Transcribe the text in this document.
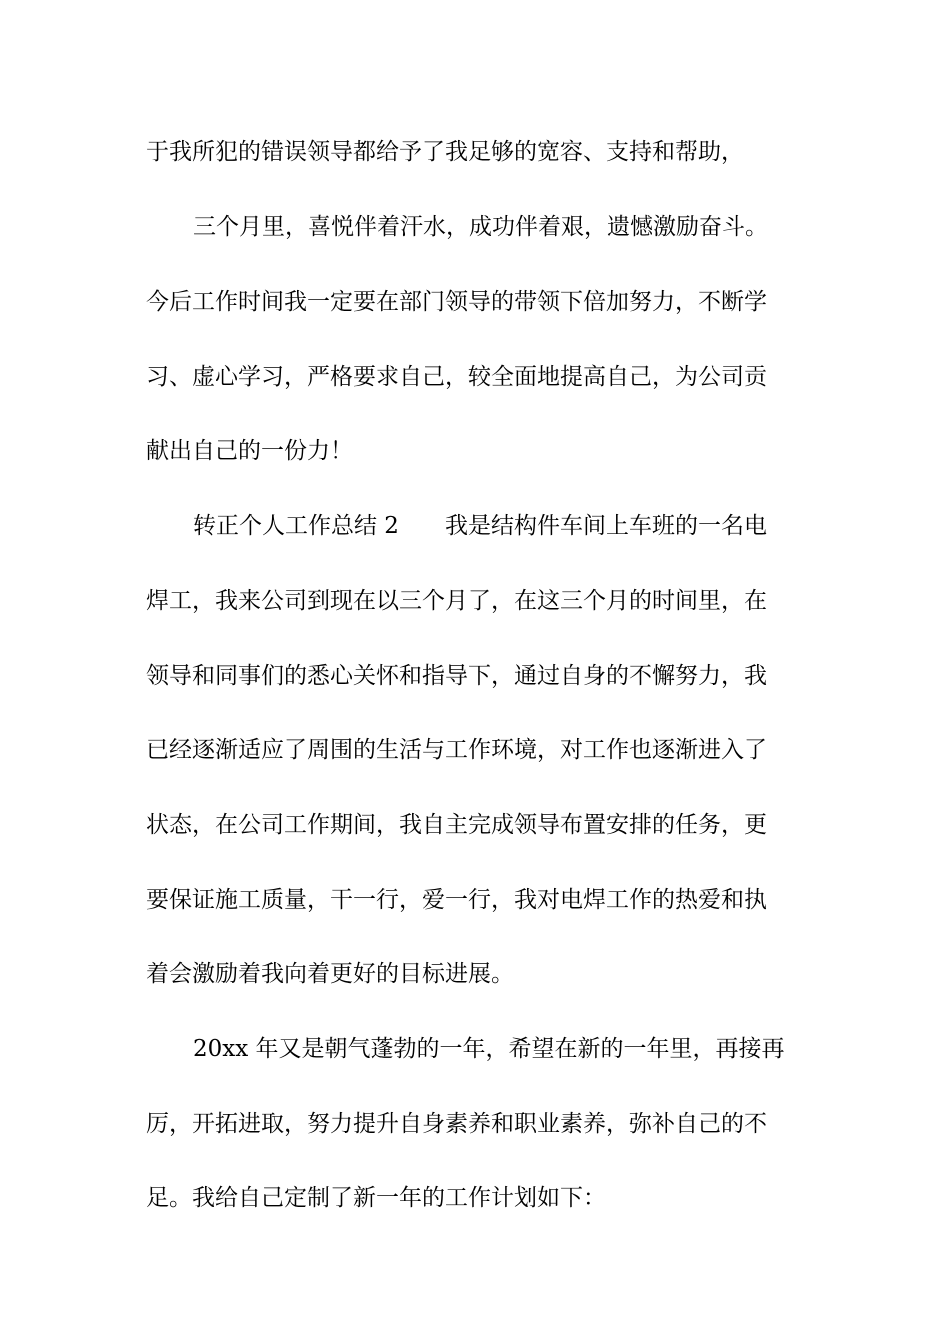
于我所犯的错误领导都给予了我足够的宽容、支持和帮助，

三个月里，喜悦伴着汗水，成功伴着艰，遗憾激励奋斗。

今后工作时间我一定要在部门领导的带领下倍加努力，不断学

习、虚心学习，严格要求自己，较全面地提高自己，为公司贡

献出自己的一份力！

转正个人工作总结 2　　我是结构件车间上车班的一名电

焊工，我来公司到现在以三个月了，在这三个月的时间里，在

领导和同事们的悉心关怀和指导下，通过自身的不懈努力，我

已经逐渐适应了周围的生活与工作环境，对工作也逐渐进入了

状态，在公司工作期间，我自主完成领导布置安排的任务，更

要保证施工质量，干一行，爱一行，我对电焊工作的热爱和执

着会激励着我向着更好的目标进展。

20xx 年又是朝气蓬勃的一年，希望在新的一年里，再接再

厉，开拓进取，努力提升自身素养和职业素养，弥补自己的不

足。我给自己定制了新一年的工作计划如下：
